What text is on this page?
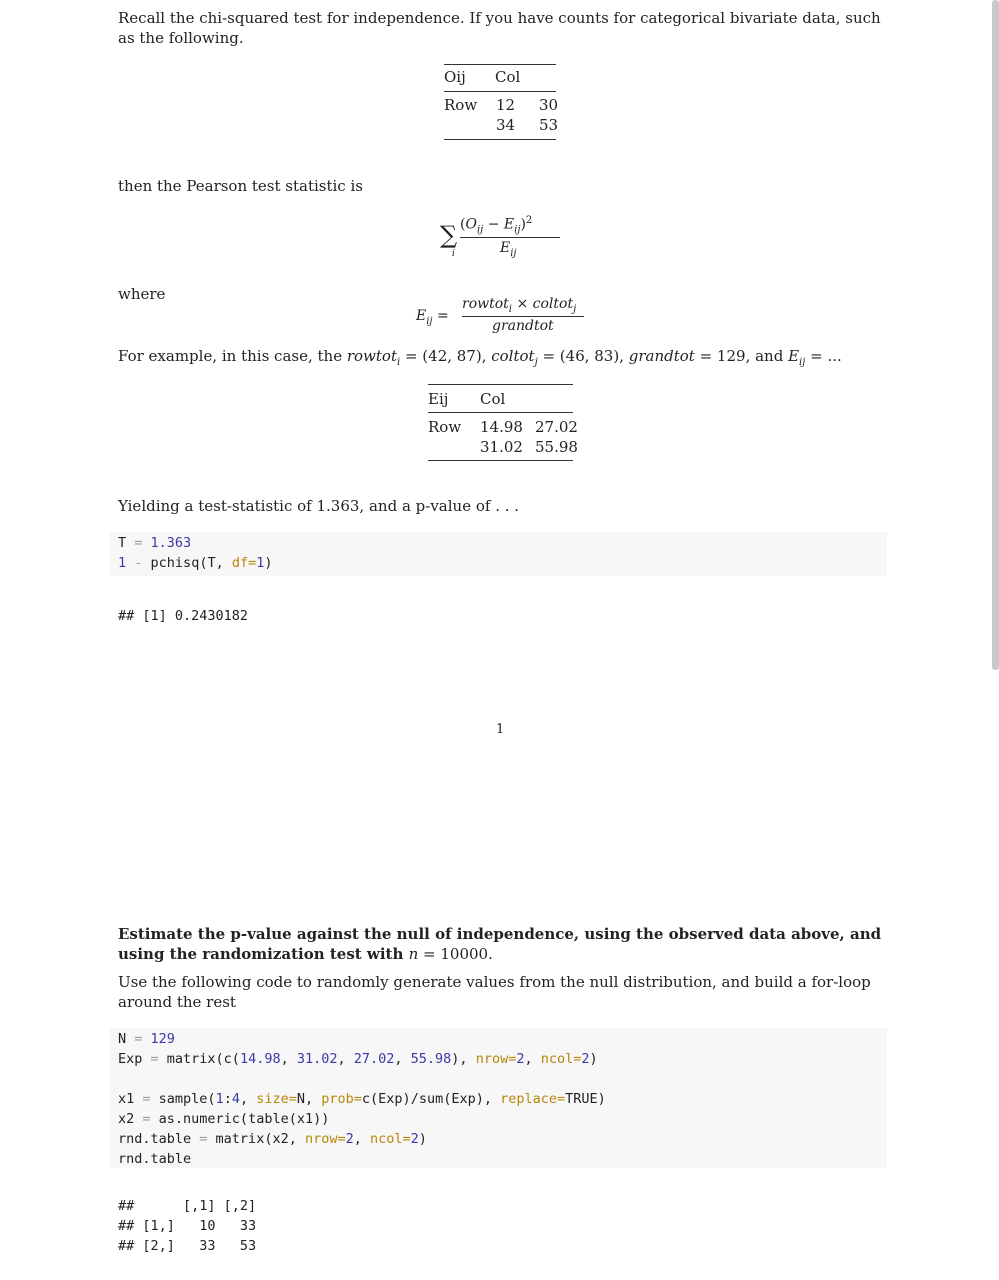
Recall the chi-squared test for independence. If you have counts for categorical bivariate data, such as the following.
Oij Col
Row 12 30
34 53
then the Pearson test statistic is
∑
i
$(O_{ij} - E_{ij})^2$
$E_{ij}$
where
$E_{ij}$ =
rowtot$_i$ × coltot$_j$
grandtot
For example, in this case, the rowtot$_i$ = (42, 87), coltot$_j$ = (46, 83), grandtot = 129, and $E_{ij}$ = ...
Eij Col
Row 14.98 27.02
31.02 55.98
Yielding a test-statistic of 1.363, and a p-value of . . .
T = 1.363
1 - pchisq(T, df=1)
## [1] 0.2430182
1
Estimate the p-value against the null of independence, using the observed data above, and using the randomization test with n = 10000.
Use the following code to randomly generate values from the null distribution, and build a for-loop around the rest
N = 129
Exp = matrix(c(14.98, 31.02, 27.02, 55.98), nrow=2, ncol=2)
x1 = sample(1:4, size=N, prob=c(Exp)/sum(Exp), replace=TRUE)
x2 = as.numeric(table(x1))
rnd.table = matrix(x2, nrow=2, ncol=2)
rnd.table
##      [,1] [,2]
## [1,]   10   33
## [2,]   33   53
